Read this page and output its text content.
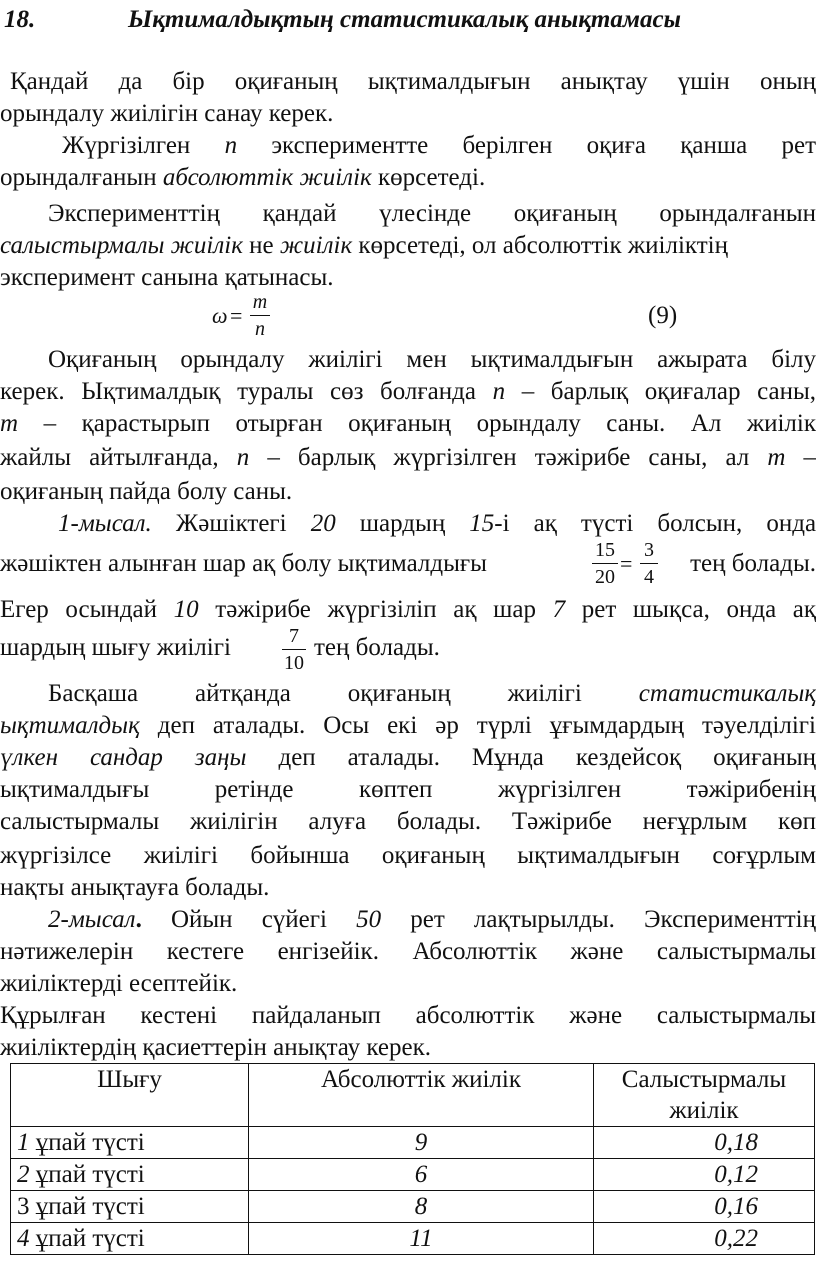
18.	Ықтималдықтың статистикалық анықтамасы
Қандай да бір оқиғаның ықтималдығын анықтау үшін оның
орындалу жиілігін санау керек.
Жүргізілген n экспериментте берілген оқиға қанша рет
орындалғанын абсолюттік жиілік көрсетеді.
Эксперименттің қандай үлесінде оқиғаның орындалғанын
салыстырмалы жиілік не жиілік көрсетеді, ол абсолюттік жиіліктің
эксперимент санына қатынасы.
ω =
m
n	(9)
Оқиғаның орындалу жиілігі мен ықтималдығын ажырата білу
керек. Ықтималдық туралы сөз болғанда n – барлық оқиғалар саны,
m – қарастырып отырған оқиғаның орындалу саны. Ал жиілік
жайлы айтылғанда, n – барлық жүргізілген тәжірибе саны, ал m –
оқиғаның пайда болу саны.
1-мысал. Жәшіктегі 20 шардың 15-і ақ түсті болсын, онда
жәшіктен алынған шар ақ болу ықтималдығы	15
20
=
3
4	тең болады.
Егер осындай 10 тәжірибе жүргізіліп ақ шар 7 рет шықса, онда ақ
шардың шығу жиілігі	7
10
тең болады.
Басқаша айтқанда оқиғаның жиілігі статистикалық
ықтималдық деп аталады. Осы екі әр түрлі ұғымдардың тәуелділігі
үлкен сандар заңы деп аталады. Мұнда кездейсоқ оқиғаның
ықтималдығы ретінде көптеп жүргізілген тәжірибенің
салыстырмалы жиілігін алуға болады. Тәжірибе неғұрлым көп
жүргізілсе жиілігі бойынша оқиғаның ықтималдығын соғұрлым
нақты анықтауға болады.
2-мысал. Ойын сүйегі 50 рет лақтырылды. Эксперименттің
нәтижелерін кестеге енгізейік. Абсолюттік және салыстырмалы
жиіліктерді есептейік.
Құрылған кестені пайдаланып абсолюттік және салыстырмалы
жиіліктердің қасиеттерін анықтау керек.
Шығу	Абсолюттік жиілік	Салыстырмалы жиілік
1 ұпай түсті	9	0,18
2 ұпай түсті	6	0,12
3 ұпай түсті	8	0,16
4 ұпай түсті	11	0,22
